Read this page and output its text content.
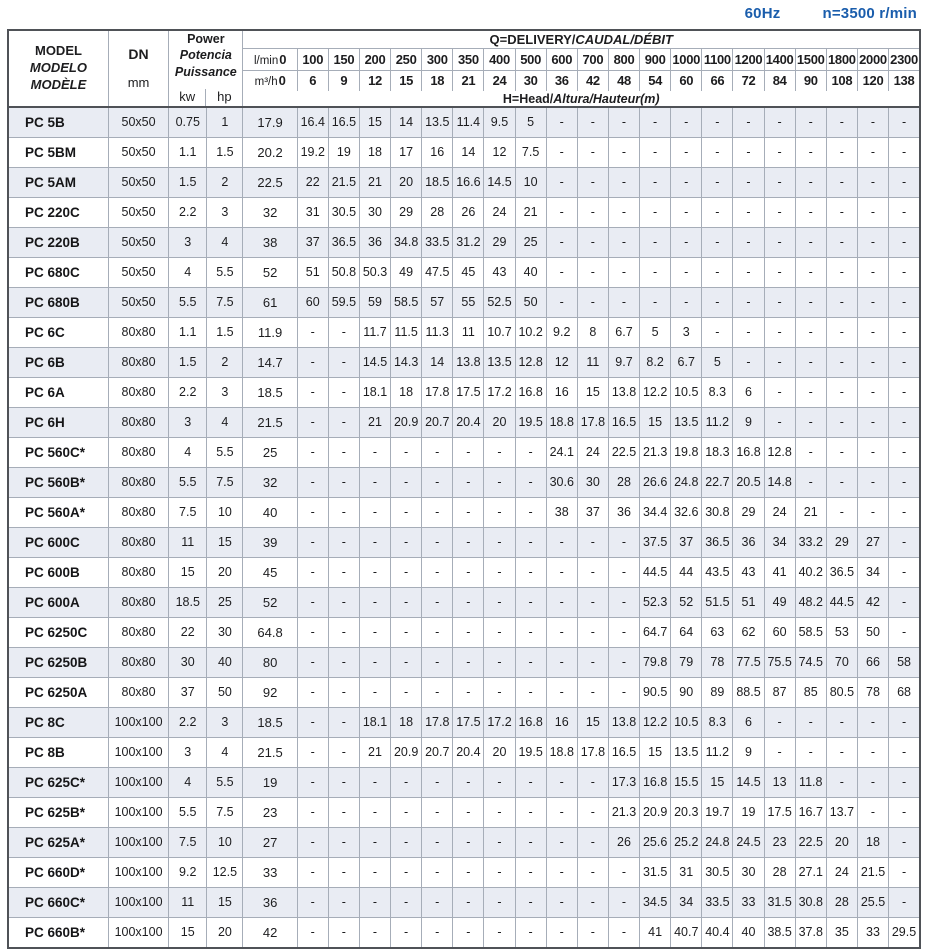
60Hz	n=3500 r/min
MODEL
MODELO
MODÈLE	DN
mm	Power
Potencia
Puissance
kw hp		Q=DELIVERY/CAUDAL/DÉBIT																				
				l/min0	100	150	200	250	300	350	400	500	600	700	800	900	1000	1100	1200	1400	1500	1800	2000	2300
				m³/h0	6	9	12	15	18	21	24	30	36	42	48	54	60	66	72	84	90	108	120	138
				H=Head/Altura/Hauteur(m)																				
PC 5B	50x50	0.75	1	17.9	16.4	16.5	15	14	13.5	11.4	9.5	5	-	-	-	-	-	-	-	-	-	-	-	-
PC 5BM	50x50	1.1	1.5	20.2	19.2	19	18	17	16	14	12	7.5	-	-	-	-	-	-	-	-	-	-	-	-
PC 5AM	50x50	1.5	2	22.5	22	21.5	21	20	18.5	16.6	14.5	10	-	-	-	-	-	-	-	-	-	-	-	-
PC 220C	50x50	2.2	3	32	31	30.5	30	29	28	26	24	21	-	-	-	-	-	-	-	-	-	-	-	-
PC 220B	50x50	3	4	38	37	36.5	36	34.8	33.5	31.2	29	25	-	-	-	-	-	-	-	-	-	-	-	-
PC 680C	50x50	4	5.5	52	51	50.8	50.3	49	47.5	45	43	40	-	-	-	-	-	-	-	-	-	-	-	-
PC 680B	50x50	5.5	7.5	61	60	59.5	59	58.5	57	55	52.5	50	-	-	-	-	-	-	-	-	-	-	-	-
PC 6C	80x80	1.1	1.5	11.9	-	-	11.7	11.5	11.3	11	10.7	10.2	9.2	8	6.7	5	3	-	-	-	-	-	-	-
PC 6B	80x80	1.5	2	14.7	-	-	14.5	14.3	14	13.8	13.5	12.8	12	11	9.7	8.2	6.7	5	-	-	-	-	-	-
PC 6A	80x80	2.2	3	18.5	-	-	18.1	18	17.8	17.5	17.2	16.8	16	15	13.8	12.2	10.5	8.3	6	-	-	-	-	-
PC 6H	80x80	3	4	21.5	-	-	21	20.9	20.7	20.4	20	19.5	18.8	17.8	16.5	15	13.5	11.2	9	-	-	-	-	-
PC 560C*	80x80	4	5.5	25	-	-	-	-	-	-	-	-	24.1	24	22.5	21.3	19.8	18.3	16.8	12.8	-	-	-	-
PC 560B*	80x80	5.5	7.5	32	-	-	-	-	-	-	-	-	30.6	30	28	26.6	24.8	22.7	20.5	14.8	-	-	-	-
PC 560A*	80x80	7.5	10	40	-	-	-	-	-	-	-	-	38	37	36	34.4	32.6	30.8	29	24	21	-	-	-
PC 600C	80x80	11	15	39	-	-	-	-	-	-	-	-	-	-	-	37.5	37	36.5	36	34	33.2	29	27	-
PC 600B	80x80	15	20	45	-	-	-	-	-	-	-	-	-	-	-	44.5	44	43.5	43	41	40.2	36.5	34	-
PC 600A	80x80	18.5	25	52	-	-	-	-	-	-	-	-	-	-	-	52.3	52	51.5	51	49	48.2	44.5	42	-
PC 6250C	80x80	22	30	64.8	-	-	-	-	-	-	-	-	-	-	-	64.7	64	63	62	60	58.5	53	50	-
PC 6250B	80x80	30	40	80	-	-	-	-	-	-	-	-	-	-	-	79.8	79	78	77.5	75.5	74.5	70	66	58
PC 6250A	80x80	37	50	92	-	-	-	-	-	-	-	-	-	-	-	90.5	90	89	88.5	87	85	80.5	78	68
PC 8C	100x100	2.2	3	18.5	-	-	18.1	18	17.8	17.5	17.2	16.8	16	15	13.8	12.2	10.5	8.3	6	-	-	-	-	-
PC 8B	100x100	3	4	21.5	-	-	21	20.9	20.7	20.4	20	19.5	18.8	17.8	16.5	15	13.5	11.2	9	-	-	-	-	-
PC 625C*	100x100	4	5.5	19	-	-	-	-	-	-	-	-	-	-	17.3	16.8	15.5	15	14.5	13	11.8	-	-	-
PC 625B*	100x100	5.5	7.5	23	-	-	-	-	-	-	-	-	-	-	21.3	20.9	20.3	19.7	19	17.5	16.7	13.7	-	-
PC 625A*	100x100	7.5	10	27	-	-	-	-	-	-	-	-	-	-	26	25.6	25.2	24.8	24.5	23	22.5	20	18	-
PC 660D*	100x100	9.2	12.5	33	-	-	-	-	-	-	-	-	-	-	-	31.5	31	30.5	30	28	27.1	24	21.5	-
PC 660C*	100x100	11	15	36	-	-	-	-	-	-	-	-	-	-	-	34.5	34	33.5	33	31.5	30.8	28	25.5	-
PC 660B*	100x100	15	20	42	-	-	-	-	-	-	-	-	-	-	-	41	40.7	40.4	40	38.5	37.8	35	33	29.5
